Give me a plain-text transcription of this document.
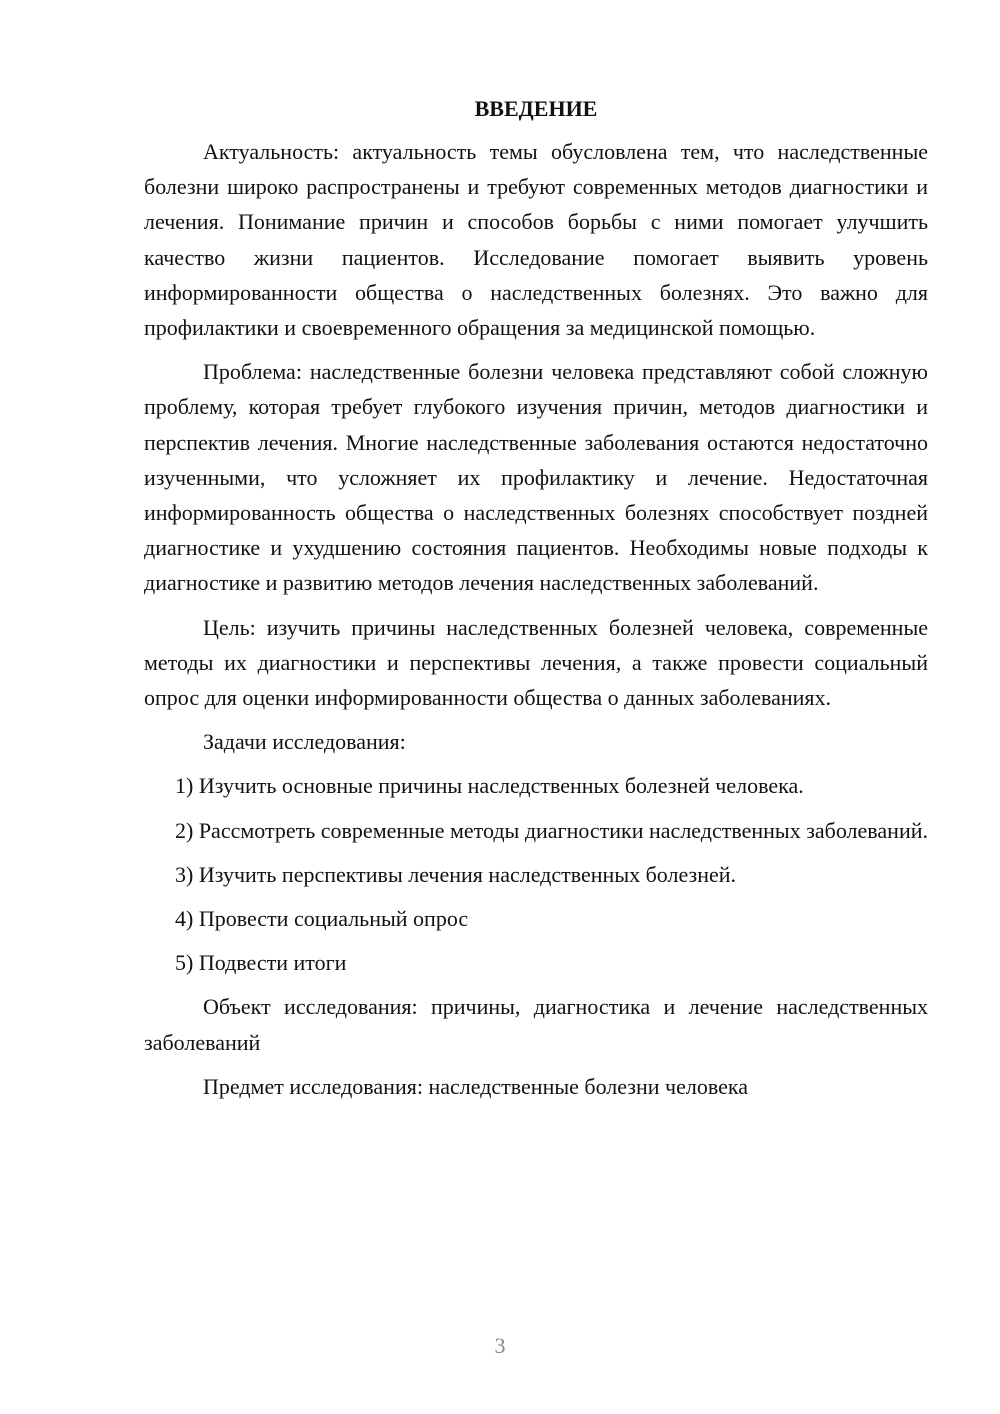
ВВЕДЕНИЕ

Актуальность: актуальность темы обусловлена тем, что наследственные болезни широко распространены и требуют современных методов диагностики и лечения. Понимание причин и способов борьбы с ними помогает улучшить качество жизни пациентов. Исследование помогает выявить уровень информированности общества о наследственных болезнях. Это важно для профилактики и своевременного обращения за медицинской помощью.

Проблема: наследственные болезни человека представляют собой сложную проблему, которая требует глубокого изучения причин, методов диагностики и перспектив лечения. Многие наследственные заболевания остаются недостаточно изученными, что усложняет их профилактику и лечение. Недостаточная информированность общества о наследственных болезнях способствует поздней диагностике и ухудшению состояния пациентов. Необходимы новые подходы к диагностике и развитию методов лечения наследственных заболеваний.

Цель: изучить причины наследственных болезней человека, современные методы их диагностики и перспективы лечения, а также провести социальный опрос для оценки информированности общества о данных заболеваниях.

Задачи исследования:

1) Изучить основные причины наследственных болезней человека.

2) Рассмотреть современные методы диагностики наследственных заболеваний.

3) Изучить перспективы лечения наследственных болезней.

4) Провести социальный опрос

5) Подвести итоги

Объект исследования: причины, диагностика и лечение наследственных заболеваний

Предмет исследования: наследственные болезни человека

3
